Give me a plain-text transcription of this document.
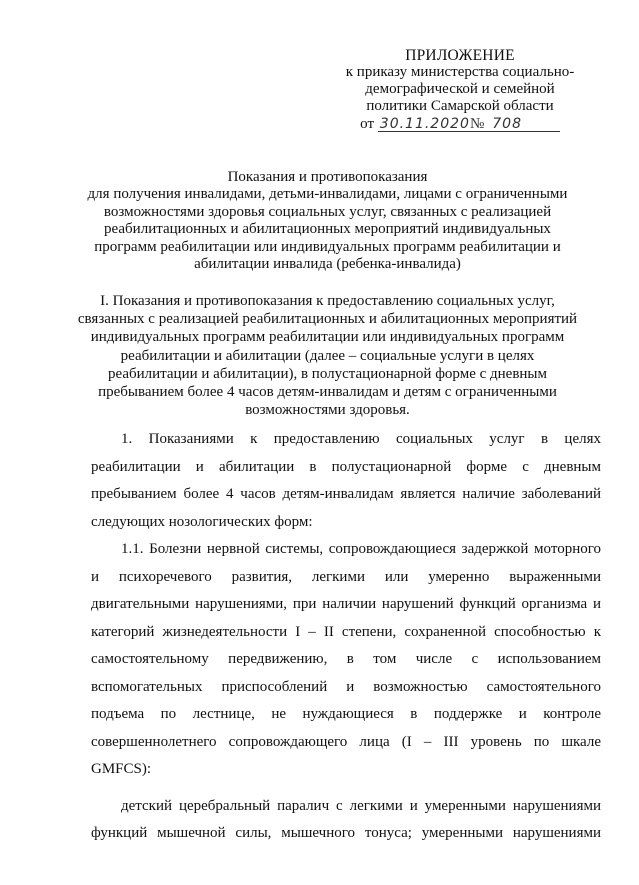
ПРИЛОЖЕНИЕ
к приказу министерства социально-
демографической и семейной
политики Самарской области
от 30.11.2020№ 708
Показания и противопоказания
для получения инвалидами, детьми-инвалидами, лицами с ограниченными
возможностями здоровья социальных услуг, связанных с реализацией
реабилитационных и абилитационных мероприятий индивидуальных
программ реабилитации или индивидуальных программ реабилитации и
абилитации инвалида (ребенка-инвалида)
I. Показания и противопоказания к предоставлению социальных услуг,
связанных с реализацией реабилитационных и абилитационных мероприятий
индивидуальных программ реабилитации или индивидуальных программ
реабилитации и абилитации (далее – социальные услуги в целях
реабилитации и абилитации), в полустационарной форме с дневным
пребыванием более 4 часов детям-инвалидам и детям с ограниченными
возможностями здоровья.
1. Показаниями к предоставлению социальных услуг в целях
реабилитации и абилитации в полустационарной форме с дневным
пребыванием более 4 часов детям-инвалидам является наличие заболеваний
следующих нозологических форм:
1.1. Болезни нервной системы, сопровождающиеся задержкой моторного
и психоречевого развития, легкими или умеренно выраженными
двигательными нарушениями, при наличии нарушений функций организма и
категорий жизнедеятельности I – II степени, сохраненной способностью к
самостоятельному передвижению, в том числе с использованием
вспомогательных приспособлений и возможностью самостоятельного
подъема по лестнице, не нуждающиеся в поддержке и контроле
совершеннолетнего сопровождающего лица (I – III уровень по шкале
GMFCS):
детский церебральный паралич с легкими и умеренными нарушениями
функций мышечной силы, мышечного тонуса; умеренными нарушениями
